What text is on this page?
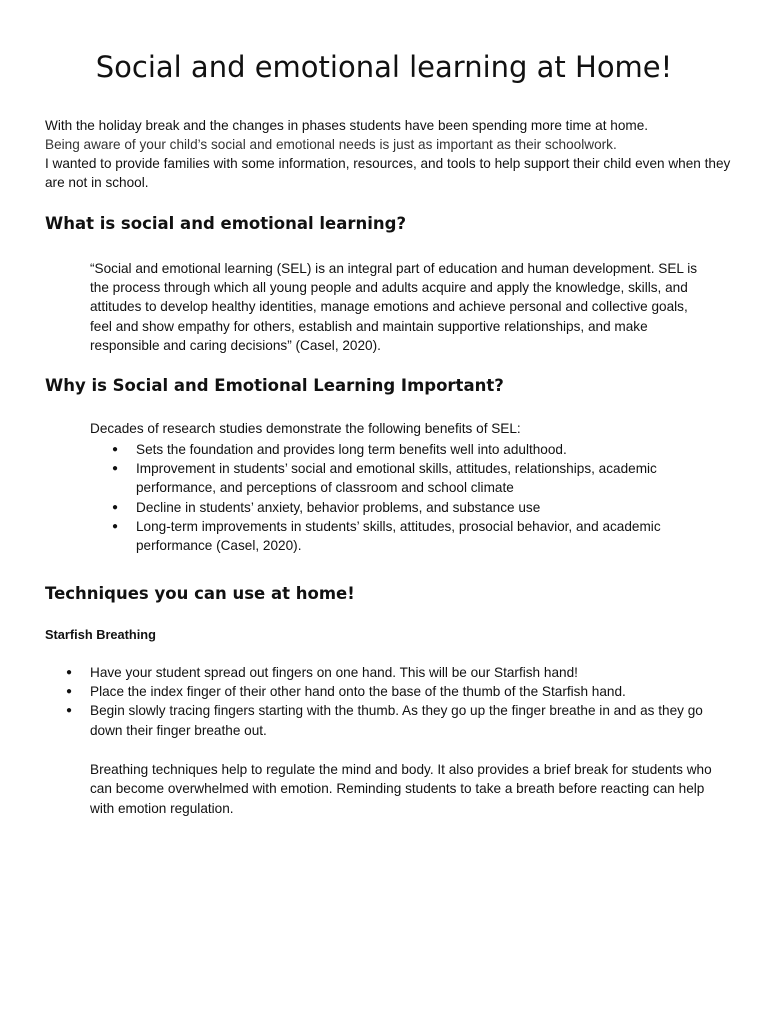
Social and emotional learning at Home!

With the holiday break and the changes in phases students have been spending more time at home.

Being aware of your child’s social and emotional needs is just as important as their schoolwork.

I wanted to provide families with some information, resources, and tools to help support their child even when they are not in school.

What is social and emotional learning?

“Social and emotional learning (SEL) is an integral part of education and human development. SEL is the process through which all young people and adults acquire and apply the knowledge, skills, and attitudes to develop healthy identities, manage emotions and achieve personal and collective goals, feel and show empathy for others, establish and maintain supportive relationships, and make responsible and caring decisions” (Casel, 2020).

Why is Social and Emotional Learning Important?

Decades of research studies demonstrate the following benefits of SEL:

● Sets the foundation and provides long term benefits well into adulthood.
● Improvement in students’ social and emotional skills, attitudes, relationships, academic performance, and perceptions of classroom and school climate
● Decline in students’ anxiety, behavior problems, and substance use
● Long-term improvements in students’ skills, attitudes, prosocial behavior, and academic performance (Casel, 2020).
Techniques you can use at home!
Starfish Breathing
● Have your student spread out fingers on one hand. This will be our Starfish hand!
● Place the index finger of their other hand onto the base of the thumb of the Starfish hand.
● Begin slowly tracing fingers starting with the thumb. As they go up the finger breathe in and as they go down their finger breathe out.

Breathing techniques help to regulate the mind and body. It also provides a brief break for students who can become overwhelmed with emotion. Reminding students to take a breath before reacting can help with emotion regulation.
